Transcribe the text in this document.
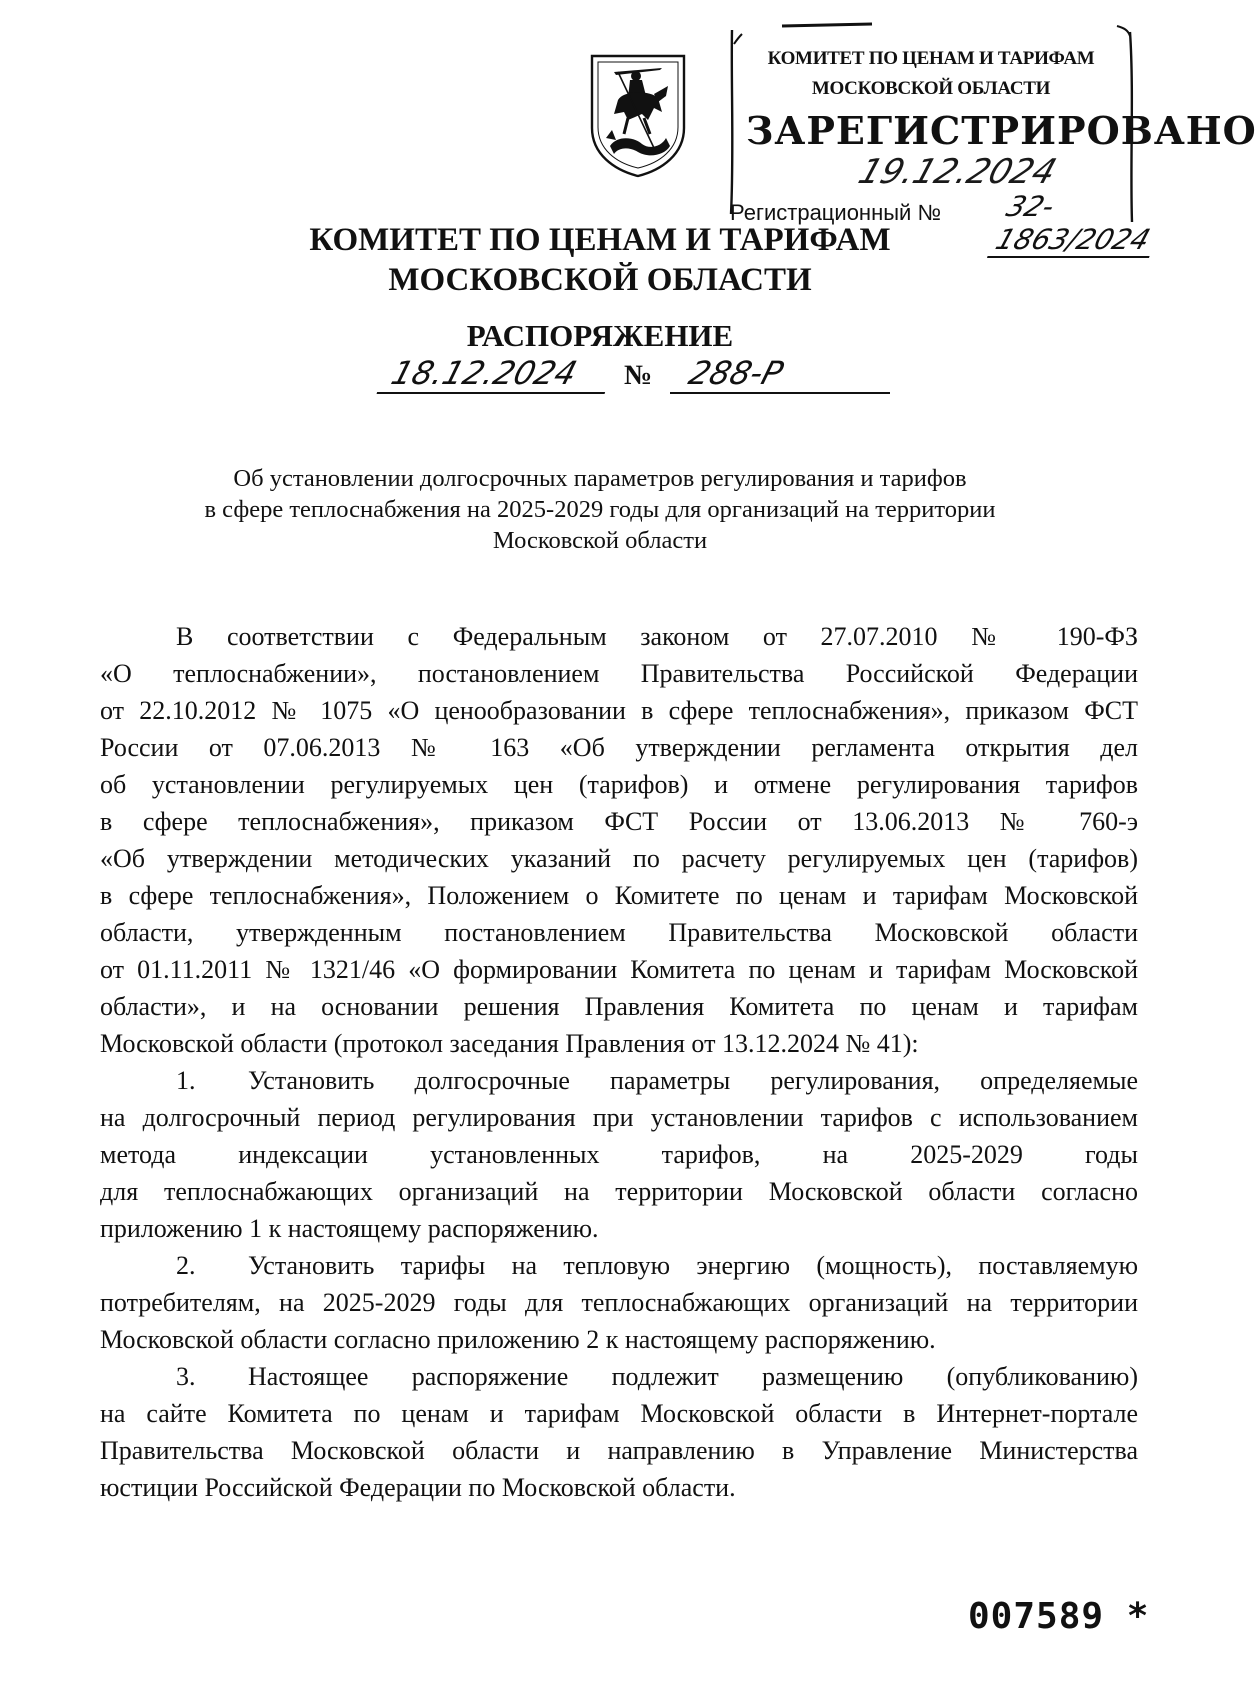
КОМИТЕТ ПО ЦЕНАМ И ТАРИФАМ
МОСКОВСКОЙ ОБЛАСТИ
ЗАРЕГИСТРИРОВАНО
19.12.2024
Регистрационный №	32-1863/2024
КОМИТЕТ ПО ЦЕНАМ И ТАРИФАМ
МОСКОВСКОЙ ОБЛАСТИ
РАСПОРЯЖЕНИЕ
18.12.2024	№	288-Р
Об установлении долгосрочных параметров регулирования и тарифов
в сфере теплоснабжения на 2025-2029 годы для организаций на территории
Московской области

В соответствии с Федеральным законом от 27.07.2010 № 190-ФЗ
«О теплоснабжении», постановлением Правительства Российской Федерации
от 22.10.2012 № 1075 «О ценообразовании в сфере теплоснабжения», приказом ФСТ
России от 07.06.2013 № 163 «Об утверждении регламента открытия дел
об установлении регулируемых цен (тарифов) и отмене регулирования тарифов
в сфере теплоснабжения», приказом ФСТ России от 13.06.2013 № 760-э
«Об утверждении методических указаний по расчету регулируемых цен (тарифов)
в сфере теплоснабжения», Положением о Комитете по ценам и тарифам Московской
области, утвержденным постановлением Правительства Московской области
от 01.11.2011 № 1321/46 «О формировании Комитета по ценам и тарифам Московской
области», и на основании решения Правления Комитета по ценам и тарифам
Московской области (протокол заседания Правления от 13.12.2024 № 41):

1. Установить долгосрочные параметры регулирования, определяемые
на долгосрочный период регулирования при установлении тарифов с использованием
метода индексации установленных тарифов, на 2025-2029 годы
для теплоснабжающих организаций на территории Московской области согласно
приложению 1 к настоящему распоряжению.

2. Установить тарифы на тепловую энергию (мощность), поставляемую
потребителям, на 2025-2029 годы для теплоснабжающих организаций на территории
Московской области согласно приложению 2 к настоящему распоряжению.

3. Настоящее распоряжение подлежит размещению (опубликованию)
на сайте Комитета по ценам и тарифам Московской области в Интернет-портале
Правительства Московской области и направлению в Управление Министерства
юстиции Российской Федерации по Московской области.

007589 *
